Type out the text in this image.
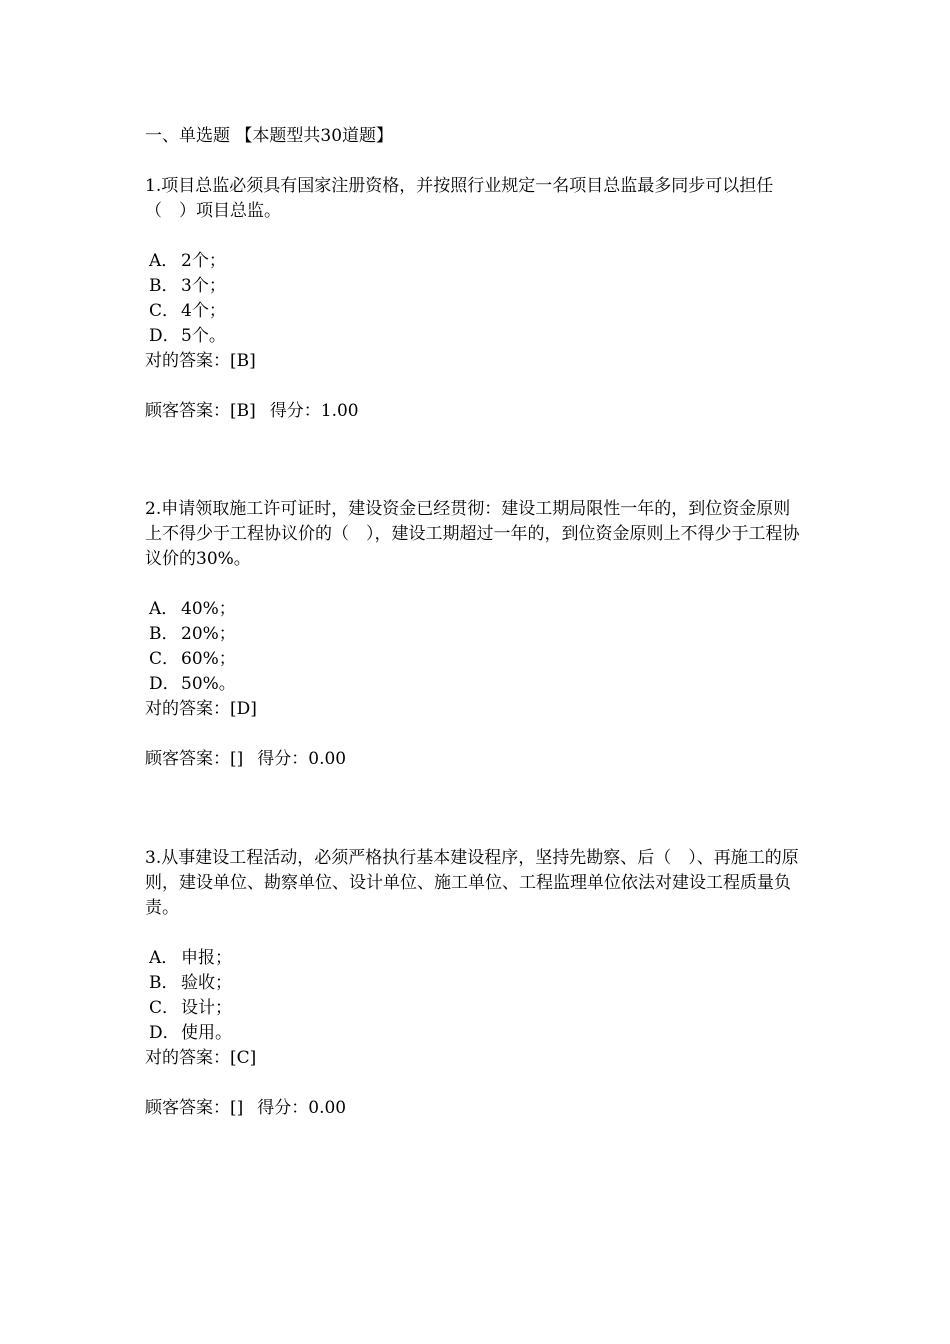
一、单选题 【本题型共30道题】

1.项目总监必须具有国家注册资格，并按照行业规定一名项目总监最多同步可以担任（　）项目总监。

A． 2个；
B． 3个；
C． 4个；
D．5个。
对的答案：[B]
顾客答案：[B] 得分：1.00

2.申请领取施工许可证时，建设资金已经贯彻：建设工期局限性一年的，到位资金原则上不得少于工程协议价的（　），建设工期超过一年的，到位资金原则上不得少于工程协议价的30%。

A． 40%；
B． 20%；
C． 60%；
D．50%。
对的答案：[D]
顾客答案：[] 得分：0.00

3.从事建设工程活动，必须严格执行基本建设程序，坚持先勘察、后（　）、再施工的原则，建设单位、勘察单位、设计单位、施工单位、工程监理单位依法对建设工程质量负责。

A． 申报；
B． 验收；
C． 设计；
D．使用。
对的答案：[C]
顾客答案：[] 得分：0.00
